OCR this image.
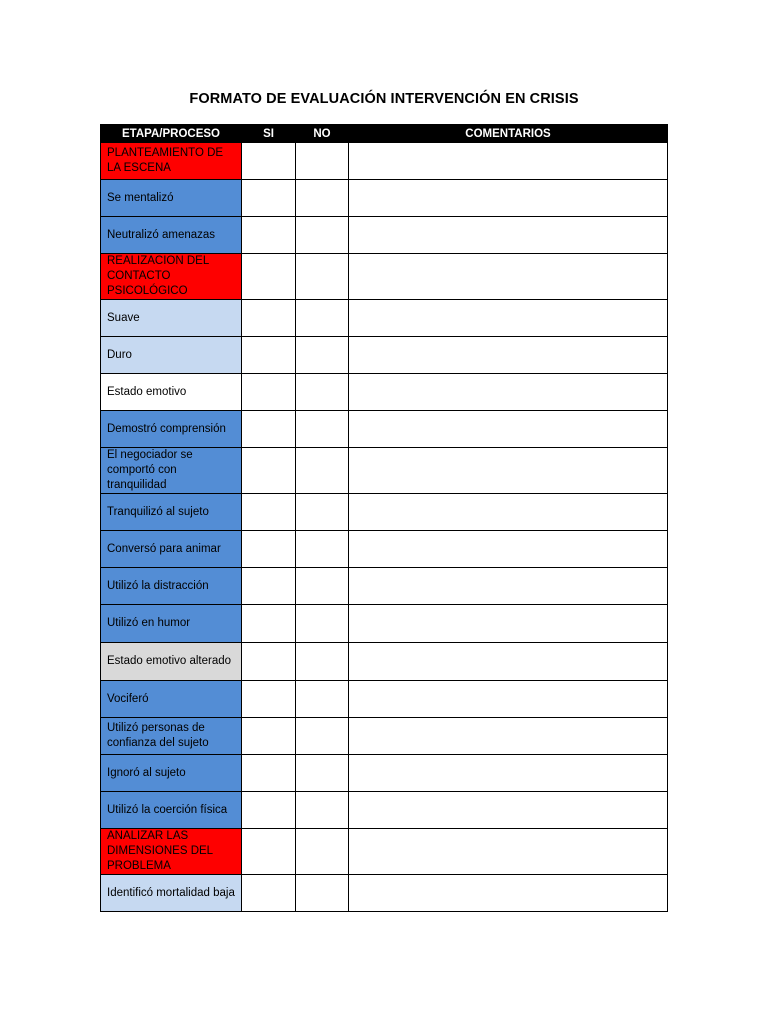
FORMATO DE EVALUACIÓN INTERVENCIÓN EN CRISIS
ETAPA/PROCESO	SI	NO	COMENTARIOS
PLANTEAMIENTO DE LA ESCENA			
Se mentalizó			
Neutralizó amenazas			
REALIZACION DEL CONTACTO PSICOLÓGICO			
Suave			
Duro			
Estado emotivo			
Demostró comprensión			
El negociador se comportó con tranquilidad			
Tranquilizó al sujeto			
Conversó para animar			
Utilizó la distracción			
Utilizó en humor			
Estado emotivo alterado			
Vociferó			
Utilizó personas de confianza del sujeto			
Ignoró al sujeto			
Utilizó la coerción física			
ANALIZAR LAS DIMENSIONES DEL PROBLEMA			
Identificó mortalidad baja			
